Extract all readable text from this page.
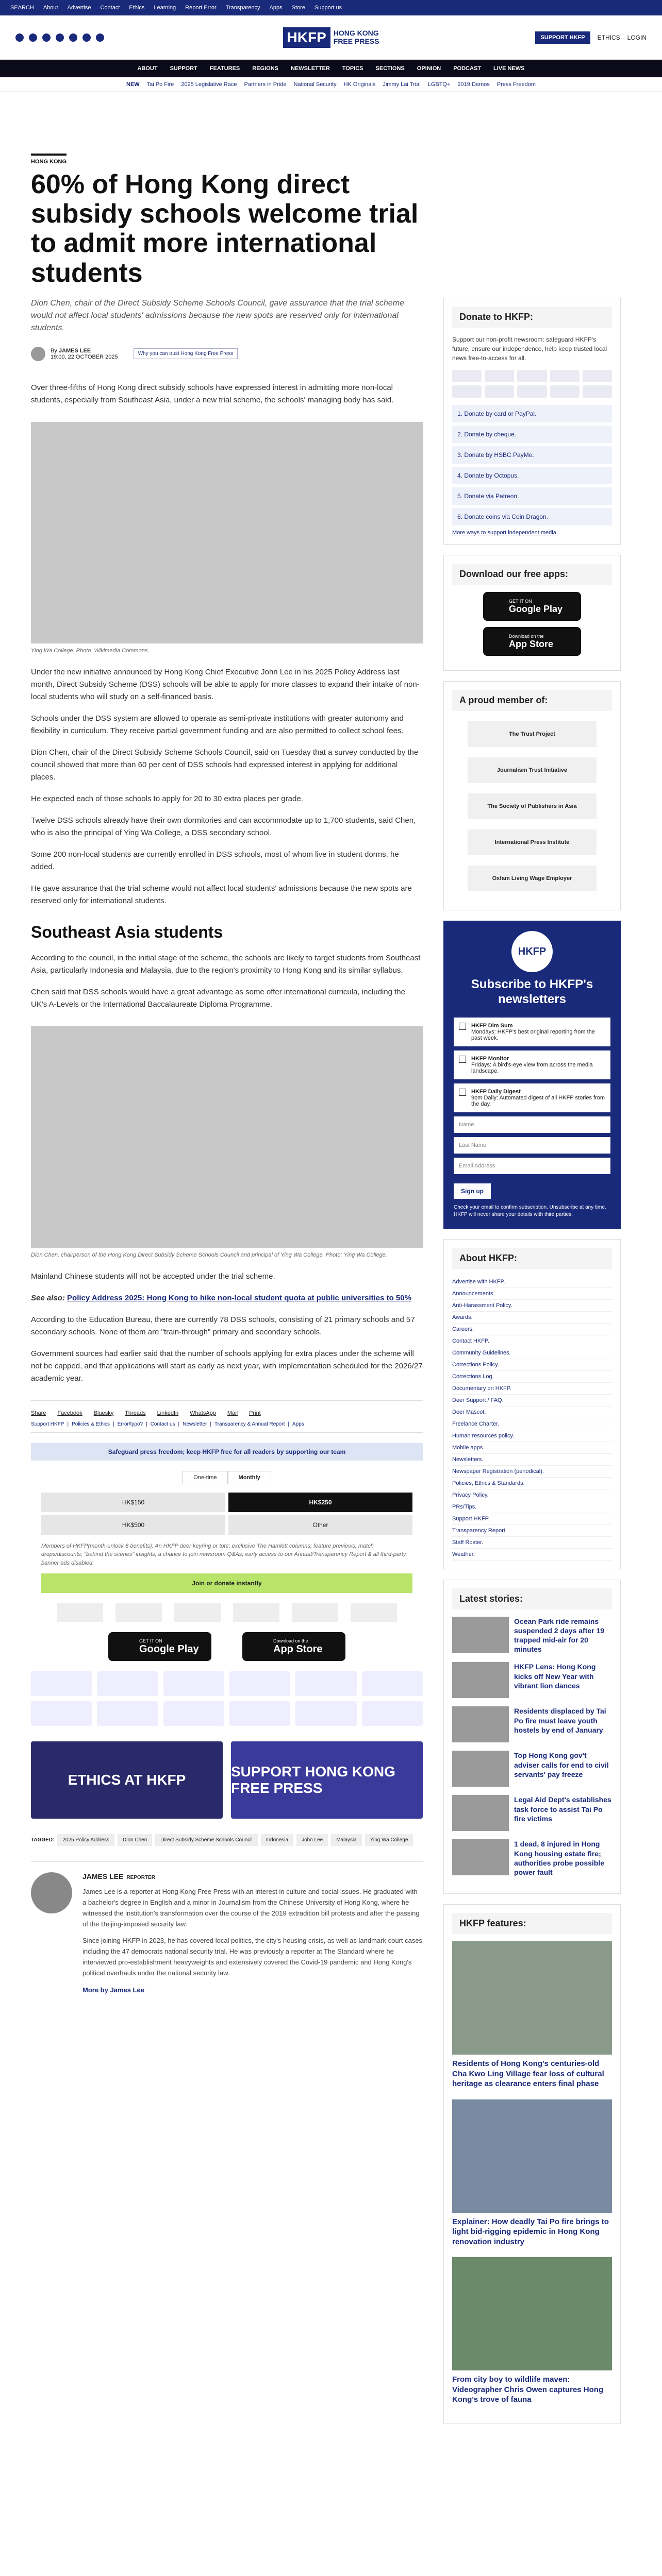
SEARCH About Advertise Contact Ethics Learning Report Error Transparency Apps Store Support us
HKFP	HONG KONG
FREE PRESS	SUPPORT HKFP	ETHICS LOGIN
ABOUT SUPPORT FEATURES REGIONS NEWSLETTER TOPICS SECTIONS OPINION PODCAST LIVE NEWS
NEW Tai Po Fire 2025 Legislative Race Partners in Pride National Security HK Originals Jimmy Lai Trial LGBTQ+ 2019 Demos Press Freedom
HONG KONG
60% of Hong Kong direct subsidy schools welcome trial to admit more international students
Dion Chen, chair of the Direct Subsidy Scheme Schools Council, gave assurance that the trial scheme would not affect local students' admissions because the new spots are reserved only for international students.
By JAMES LEE
19:00, 22 OCTOBER 2025	Why you can trust Hong Kong Free Press

Over three-fifths of Hong Kong direct subsidy schools have expressed interest in admitting more non-local students, especially from Southeast Asia, under a new trial scheme, the schools' managing body has said.

Ying Wa College. Photo: Wikimedia Commons.

Under the new initiative announced by Hong Kong Chief Executive John Lee in his 2025 Policy Address last month, Direct Subsidy Scheme (DSS) schools will be able to apply for more classes to expand their intake of non-local students who will study on a self-financed basis.

Schools under the DSS system are allowed to operate as semi-private institutions with greater autonomy and flexibility in curriculum. They receive partial government funding and are also permitted to collect school fees.

Dion Chen, chair of the Direct Subsidy Scheme Schools Council, said on Tuesday that a survey conducted by the council showed that more than 60 per cent of DSS schools had expressed interest in applying for additional places.

He expected each of those schools to apply for 20 to 30 extra places per grade.

Twelve DSS schools already have their own dormitories and can accommodate up to 1,700 students, said Chen, who is also the principal of Ying Wa College, a DSS secondary school.

Some 200 non-local students are currently enrolled in DSS schools, most of whom live in student dorms, he added.

He gave assurance that the trial scheme would not affect local students' admissions because the new spots are reserved only for international students.

Southeast Asia students

According to the council, in the initial stage of the scheme, the schools are likely to target students from Southeast Asia, particularly Indonesia and Malaysia, due to the region's proximity to Hong Kong and its similar syllabus.

Chen said that DSS schools would have a great advantage as some offer international curricula, including the UK's A-Levels or the International Baccalaureate Diploma Programme.

Dion Chen, chairperson of the Hong Kong Direct Subsidy Scheme Schools Council and principal of Ying Wa College. Photo: Ying Wa College.

Mainland Chinese students will not be accepted under the trial scheme.

See also: Policy Address 2025: Hong Kong to hike non-local student quota at public universities to 50%

According to the Education Bureau, there are currently 78 DSS schools, consisting of 21 primary schools and 57 secondary schools. None of them are "train-through" primary and secondary schools.

Government sources had earlier said that the number of schools applying for extra places under the scheme will not be capped, and that applications will start as early as next year, with implementation scheduled for the 2026/27 academic year.

Share Facebook Bluesky Threads LinkedIn WhatsApp Mail Print
Support HKFP | Policies & Ethics | Error/typo? | Contact us | Newsletter | Transparency & Annual Report | Apps
Safeguard press freedom; keep HKFP free for all readers by supporting our team
One-time	Monthly
HK$150	HK$250
HK$500	Other
Members of HKFP(month-unlock 8 benefits): An HKFP deer keyring or tote; exclusive The Hamlett columns; feature previews; match drops/discounts; "behind the scenes" insights; a chance to join newsroom Q&As; early access to our Annual/Transparency Report & all third-party banner ads disabled.
Join or donate instantly
GET IT ON
Google Play
Download on the
App Store
ETHICS AT HKFP
SUPPORT HONG KONG FREE PRESS
TAGGED:	2025 Policy Address	Dion Chen	Direct Subsidy Scheme Schools Council	Indonesia	John Lee	Malaysia	Ying Wa College
JAMES LEE REPORTER

James Lee is a reporter at Hong Kong Free Press with an interest in culture and social issues. He graduated with a bachelor's degree in English and a minor in Journalism from the Chinese University of Hong Kong, where he witnessed the institution's transformation over the course of the 2019 extradition bill protests and after the passing of the Beijing-imposed security law.

Since joining HKFP in 2023, he has covered local politics, the city's housing crisis, as well as landmark court cases including the 47 democrats national security trial. He was previously a reporter at The Standard where he interviewed pro-establishment heavyweights and extensively covered the Covid-19 pandemic and Hong Kong's political overhauls under the national security law.

More by James Lee

Donate to HKFP:

Support our non-profit newsroom: safeguard HKFP's future, ensure our independence, help keep trusted local news free-to-access for all.

1. Donate by card or PayPal.
2. Donate by cheque.
3. Donate by HSBC PayMe.
4. Donate by Octopus.
5. Donate via Patreon.
6. Donate coins via Coin Dragon.
More ways to support independent media.
Download our free apps:
GET IT ON
Google Play
Download on the
App Store
A proud member of:
The Trust Project
Journalism Trust Initiative
The Society of Publishers in Asia
International Press Institute
Oxfam Living Wage Employer
HKFP
Subscribe to HKFP's newsletters
HKFP Dim Sum
Mondays: HKFP's best original reporting from the past week.
HKFP Monitor
Fridays: A bird's-eye view from across the media landscape.
HKFP Daily Digest
9pm Daily: Automated digest of all HKFP stories from the day.
Name
Last Name
Email Address
Sign up
Check your email to confirm subscription. Unsubscribe at any time. HKFP will never share your details with third parties.
About HKFP:
Advertise with HKFP.
Announcements.
Anti-Harassment Policy.
Awards.
Careers.
Contact HKFP.
Community Guidelines.
Corrections Policy.
Corrections Log.
Documentary on HKFP.
Deer Support / FAQ.
Deer Mascot.
Freelance Charter.
Human resources policy.
Mobile apps.
Newsletters.
Newspaper Registration (periodical).
Policies, Ethics & Standards.
Privacy Policy.
PRs/Tips.
Support HKFP.
Transparency Report.
Staff Roster.
Weather.
Latest stories:
Ocean Park ride remains suspended 2 days after 19 trapped mid-air for 20 minutes
HKFP Lens: Hong Kong kicks off New Year with vibrant lion dances
Residents displaced by Tai Po fire must leave youth hostels by end of January
Top Hong Kong gov't adviser calls for end to civil servants' pay freeze
Legal Aid Dept's establishes task force to assist Tai Po fire victims
1 dead, 8 injured in Hong Kong housing estate fire; authorities probe possible power fault
HKFP features:
Residents of Hong Kong's centuries-old Cha Kwo Ling Village fear loss of cultural heritage as clearance enters final phase
Explainer: How deadly Tai Po fire brings to light bid-rigging epidemic in Hong Kong renovation industry
From city boy to wildlife maven: Videographer Chris Owen captures Hong Kong's trove of fauna
